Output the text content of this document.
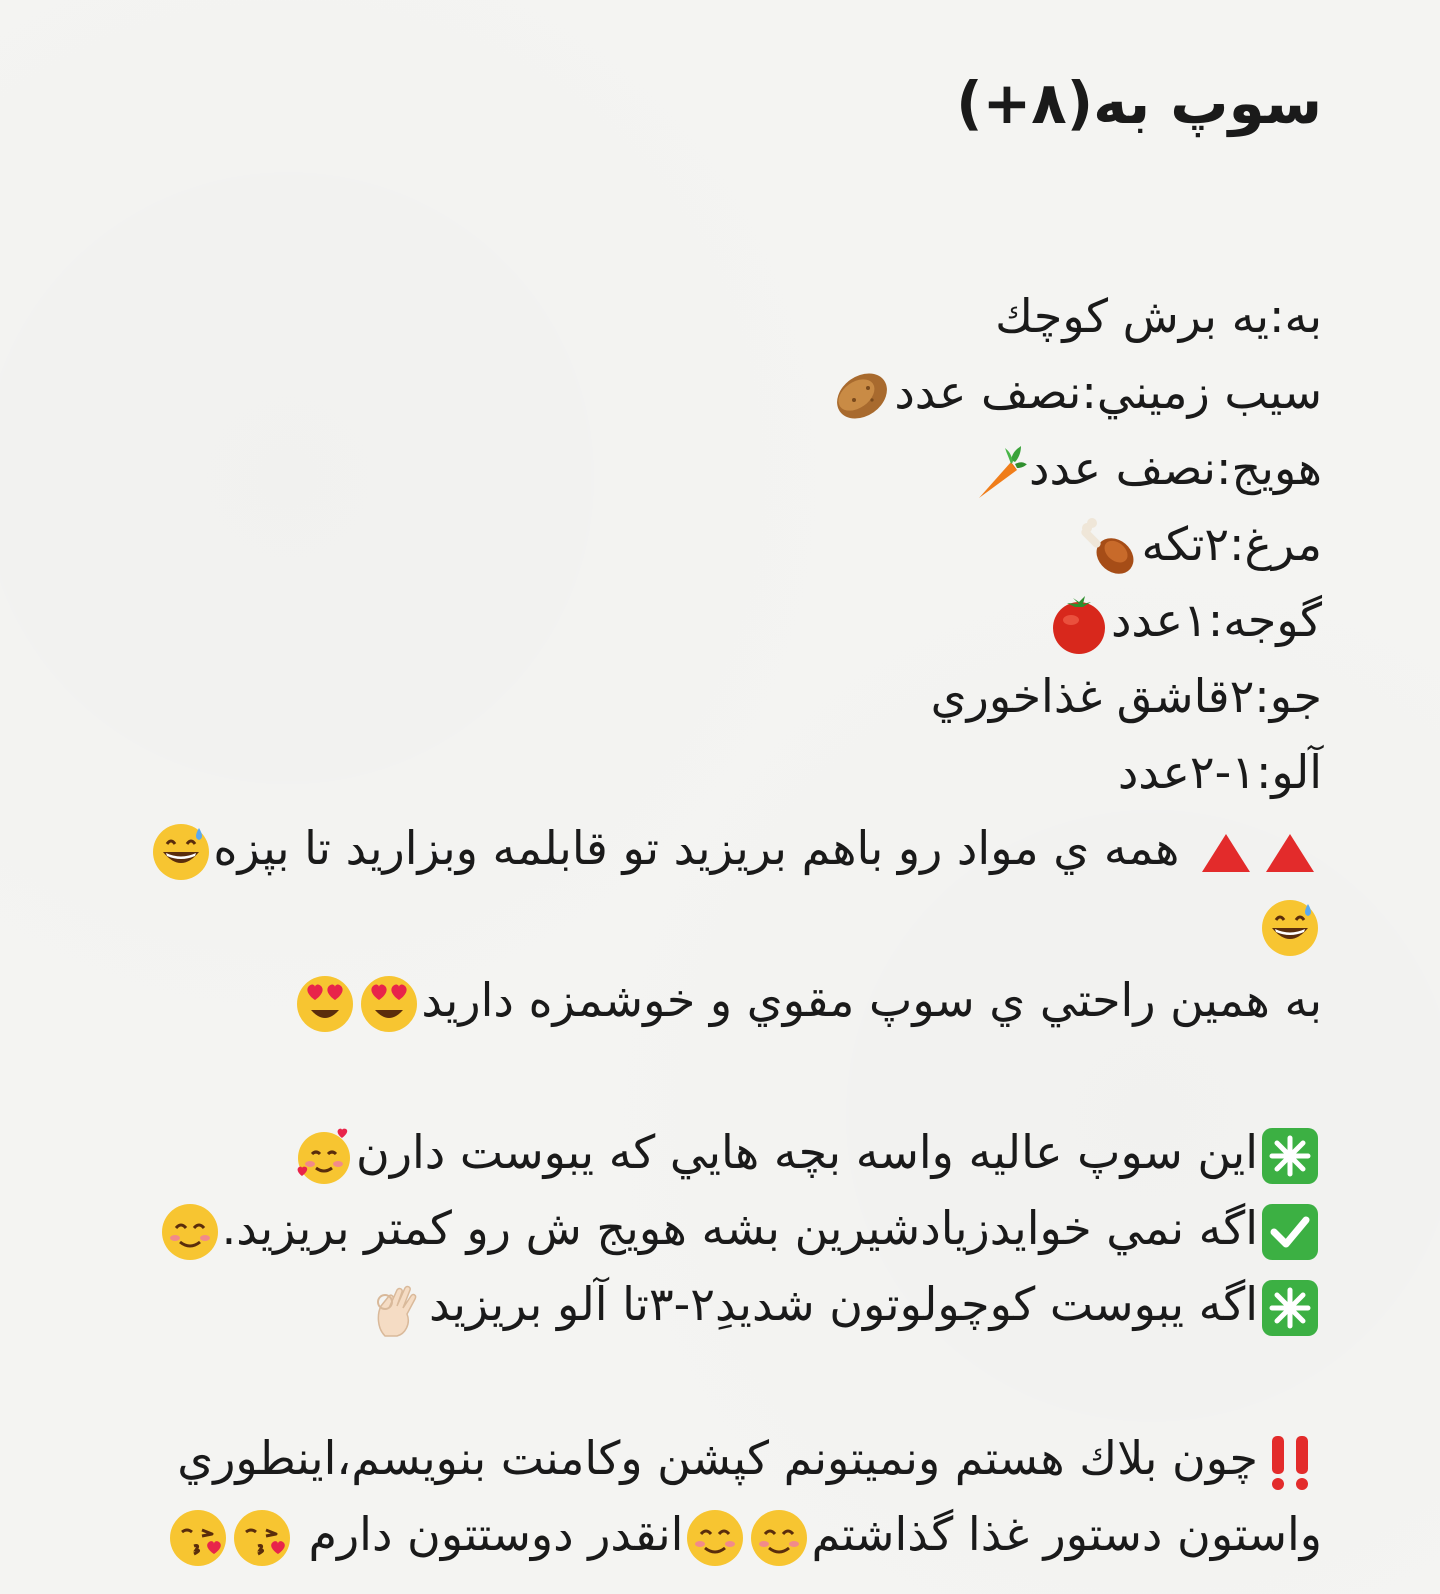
سوپ به(۸+)
به:یه برش کوچك
سيب زميني:نصف عدد
هويج:نصف عدد
مرغ:۲تكه
گوجه:۱عدد
جو:۲قاشق غذاخوري
آلو:۱-۲عدد
همه ي مواد رو باهم بريزيد تو قابلمه وبزاريد تا بپزه

به همين راحتي ي سوپ مقوي و خوشمزه داريد
اين سوپ عاليه واسه بچه هايي كه يبوست دارن
اگه نمي خوايدزيادشيرين بشه هويج ش رو كمتر بريزيد.
اگه يبوست كوچولوتون شديدِ۲-۳تا آلو بريزيد
چون بلاك هستم ونميتونم كپشن وكامنت بنويسم،اينطوري
واستون دستور غذا گذاشتم
انقدر دوستتون دارم
